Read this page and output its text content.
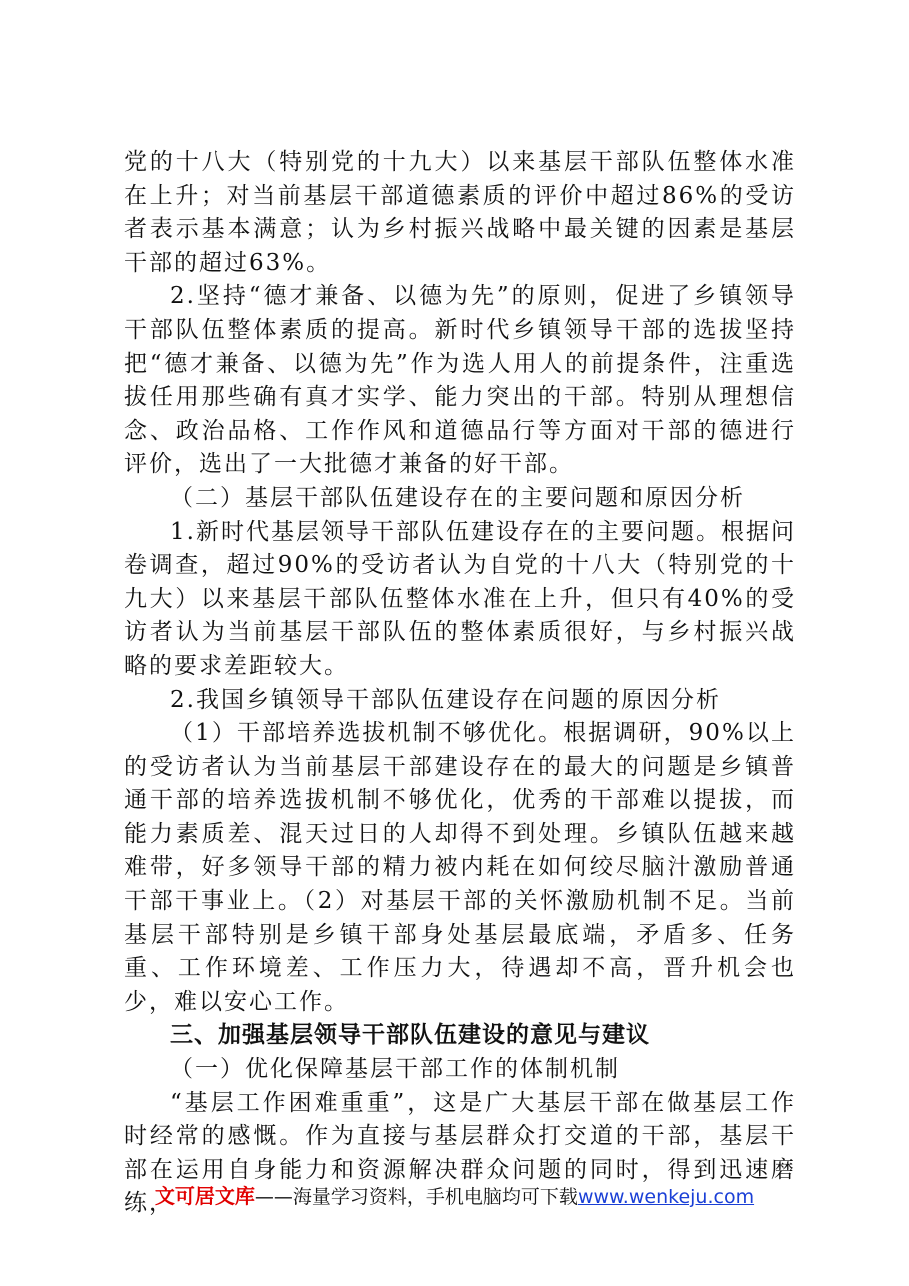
党的十八大（特别党的十九大）以来基层干部队伍整体水准在上升；对当前基层干部道德素质的评价中超过86%的受访者表示基本满意；认为乡村振兴战略中最关键的因素是基层干部的超过63%。

2.坚持“德才兼备、以德为先”的原则，促进了乡镇领导干部队伍整体素质的提高。新时代乡镇领导干部的选拔坚持把“德才兼备、以德为先”作为选人用人的前提条件，注重选拔任用那些确有真才实学、能力突出的干部。特别从理想信念、政治品格、工作作风和道德品行等方面对干部的德进行评价，选出了一大批德才兼备的好干部。

（二）基层干部队伍建设存在的主要问题和原因分析

1.新时代基层领导干部队伍建设存在的主要问题。根据问卷调查，超过90%的受访者认为自党的十八大（特别党的十九大）以来基层干部队伍整体水准在上升，但只有40%的受访者认为当前基层干部队伍的整体素质很好，与乡村振兴战略的要求差距较大。

2.我国乡镇领导干部队伍建设存在问题的原因分析

（1）干部培养选拔机制不够优化。根据调研，90%以上的受访者认为当前基层干部建设存在的最大的问题是乡镇普通干部的培养选拔机制不够优化，优秀的干部难以提拔，而能力素质差、混天过日的人却得不到处理。乡镇队伍越来越难带，好多领导干部的精力被内耗在如何绞尽脑汁激励普通干部干事业上。（2）对基层干部的关怀激励机制不足。当前基层干部特别是乡镇干部身处基层最底端，矛盾多、任务重、工作环境差、工作压力大，待遇却不高，晋升机会也少，难以安心工作。

三、加强基层领导干部队伍建设的意见与建议

（一）优化保障基层干部工作的体制机制

“基层工作困难重重”，这是广大基层干部在做基层工作时经常的感慨。作为直接与基层群众打交道的干部，基层干部在运用自身能力和资源解决群众问题的同时，得到迅速磨练，

文可居文库——海量学习资料，手机电脑均可下载www.wenkeju.com
